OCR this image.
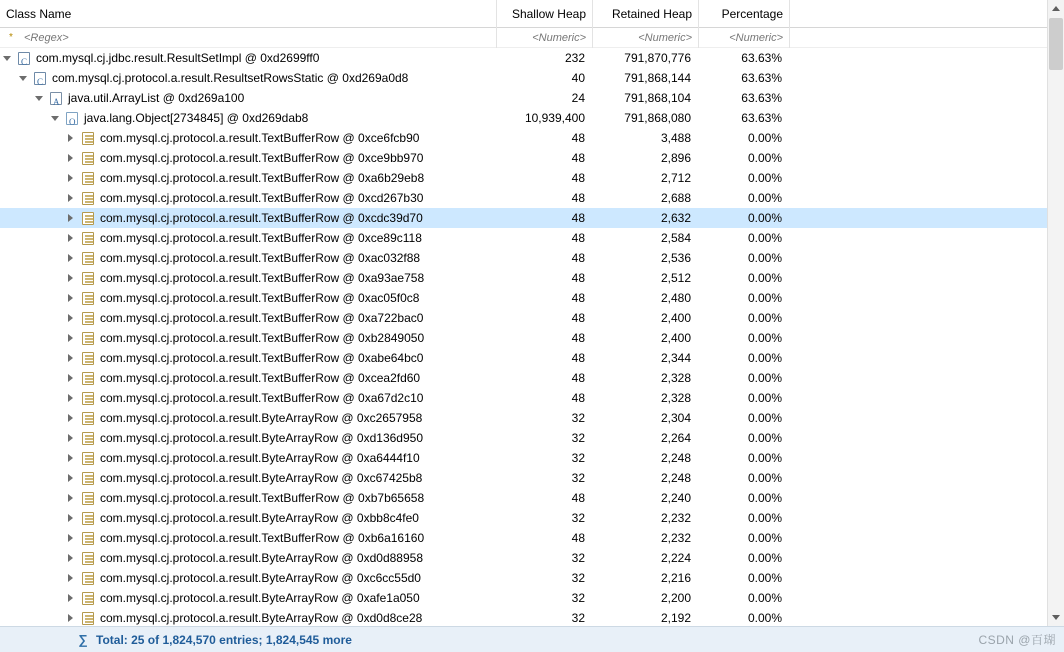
Class Name	Shallow Heap	Retained Heap	Percentage
*	<Regex>	<Numeric>	<Numeric>	<Numeric>
C
com.mysql.cj.jdbc.result.ResultSetImpl @ 0xd2699ff0	232	791,870,776	63.63%
C
com.mysql.cj.protocol.a.result.ResultsetRowsStatic @ 0xd269a0d8	40	791,868,144	63.63%
A
java.util.ArrayList @ 0xd269a100	24	791,868,104	63.63%
O
java.lang.Object[2734845] @ 0xd269dab8	10,939,400	791,868,080	63.63%
com.mysql.cj.protocol.a.result.TextBufferRow @ 0xce6fcb90	48	3,488	0.00%
com.mysql.cj.protocol.a.result.TextBufferRow @ 0xce9bb970	48	2,896	0.00%
com.mysql.cj.protocol.a.result.TextBufferRow @ 0xa6b29eb8	48	2,712	0.00%
com.mysql.cj.protocol.a.result.TextBufferRow @ 0xcd267b30	48	2,688	0.00%
com.mysql.cj.protocol.a.result.TextBufferRow @ 0xcdc39d70	48	2,632	0.00%
com.mysql.cj.protocol.a.result.TextBufferRow @ 0xce89c118	48	2,584	0.00%
com.mysql.cj.protocol.a.result.TextBufferRow @ 0xac032f88	48	2,536	0.00%
com.mysql.cj.protocol.a.result.TextBufferRow @ 0xa93ae758	48	2,512	0.00%
com.mysql.cj.protocol.a.result.TextBufferRow @ 0xac05f0c8	48	2,480	0.00%
com.mysql.cj.protocol.a.result.TextBufferRow @ 0xa722bac0	48	2,400	0.00%
com.mysql.cj.protocol.a.result.TextBufferRow @ 0xb2849050	48	2,400	0.00%
com.mysql.cj.protocol.a.result.TextBufferRow @ 0xabe64bc0	48	2,344	0.00%
com.mysql.cj.protocol.a.result.TextBufferRow @ 0xcea2fd60	48	2,328	0.00%
com.mysql.cj.protocol.a.result.TextBufferRow @ 0xa67d2c10	48	2,328	0.00%
com.mysql.cj.protocol.a.result.ByteArrayRow @ 0xc2657958	32	2,304	0.00%
com.mysql.cj.protocol.a.result.ByteArrayRow @ 0xd136d950	32	2,264	0.00%
com.mysql.cj.protocol.a.result.ByteArrayRow @ 0xa6444f10	32	2,248	0.00%
com.mysql.cj.protocol.a.result.ByteArrayRow @ 0xc67425b8	32	2,248	0.00%
com.mysql.cj.protocol.a.result.TextBufferRow @ 0xb7b65658	48	2,240	0.00%
com.mysql.cj.protocol.a.result.ByteArrayRow @ 0xbb8c4fe0	32	2,232	0.00%
com.mysql.cj.protocol.a.result.TextBufferRow @ 0xb6a16160	48	2,232	0.00%
com.mysql.cj.protocol.a.result.ByteArrayRow @ 0xd0d88958	32	2,224	0.00%
com.mysql.cj.protocol.a.result.ByteArrayRow @ 0xc6cc55d0	32	2,216	0.00%
com.mysql.cj.protocol.a.result.ByteArrayRow @ 0xafe1a050	32	2,200	0.00%
com.mysql.cj.protocol.a.result.ByteArrayRow @ 0xd0d8ce28	32	2,192	0.00%
∑
Total: 25 of 1,824,570 entries; 1,824,545 more	CSDN @百瑚
